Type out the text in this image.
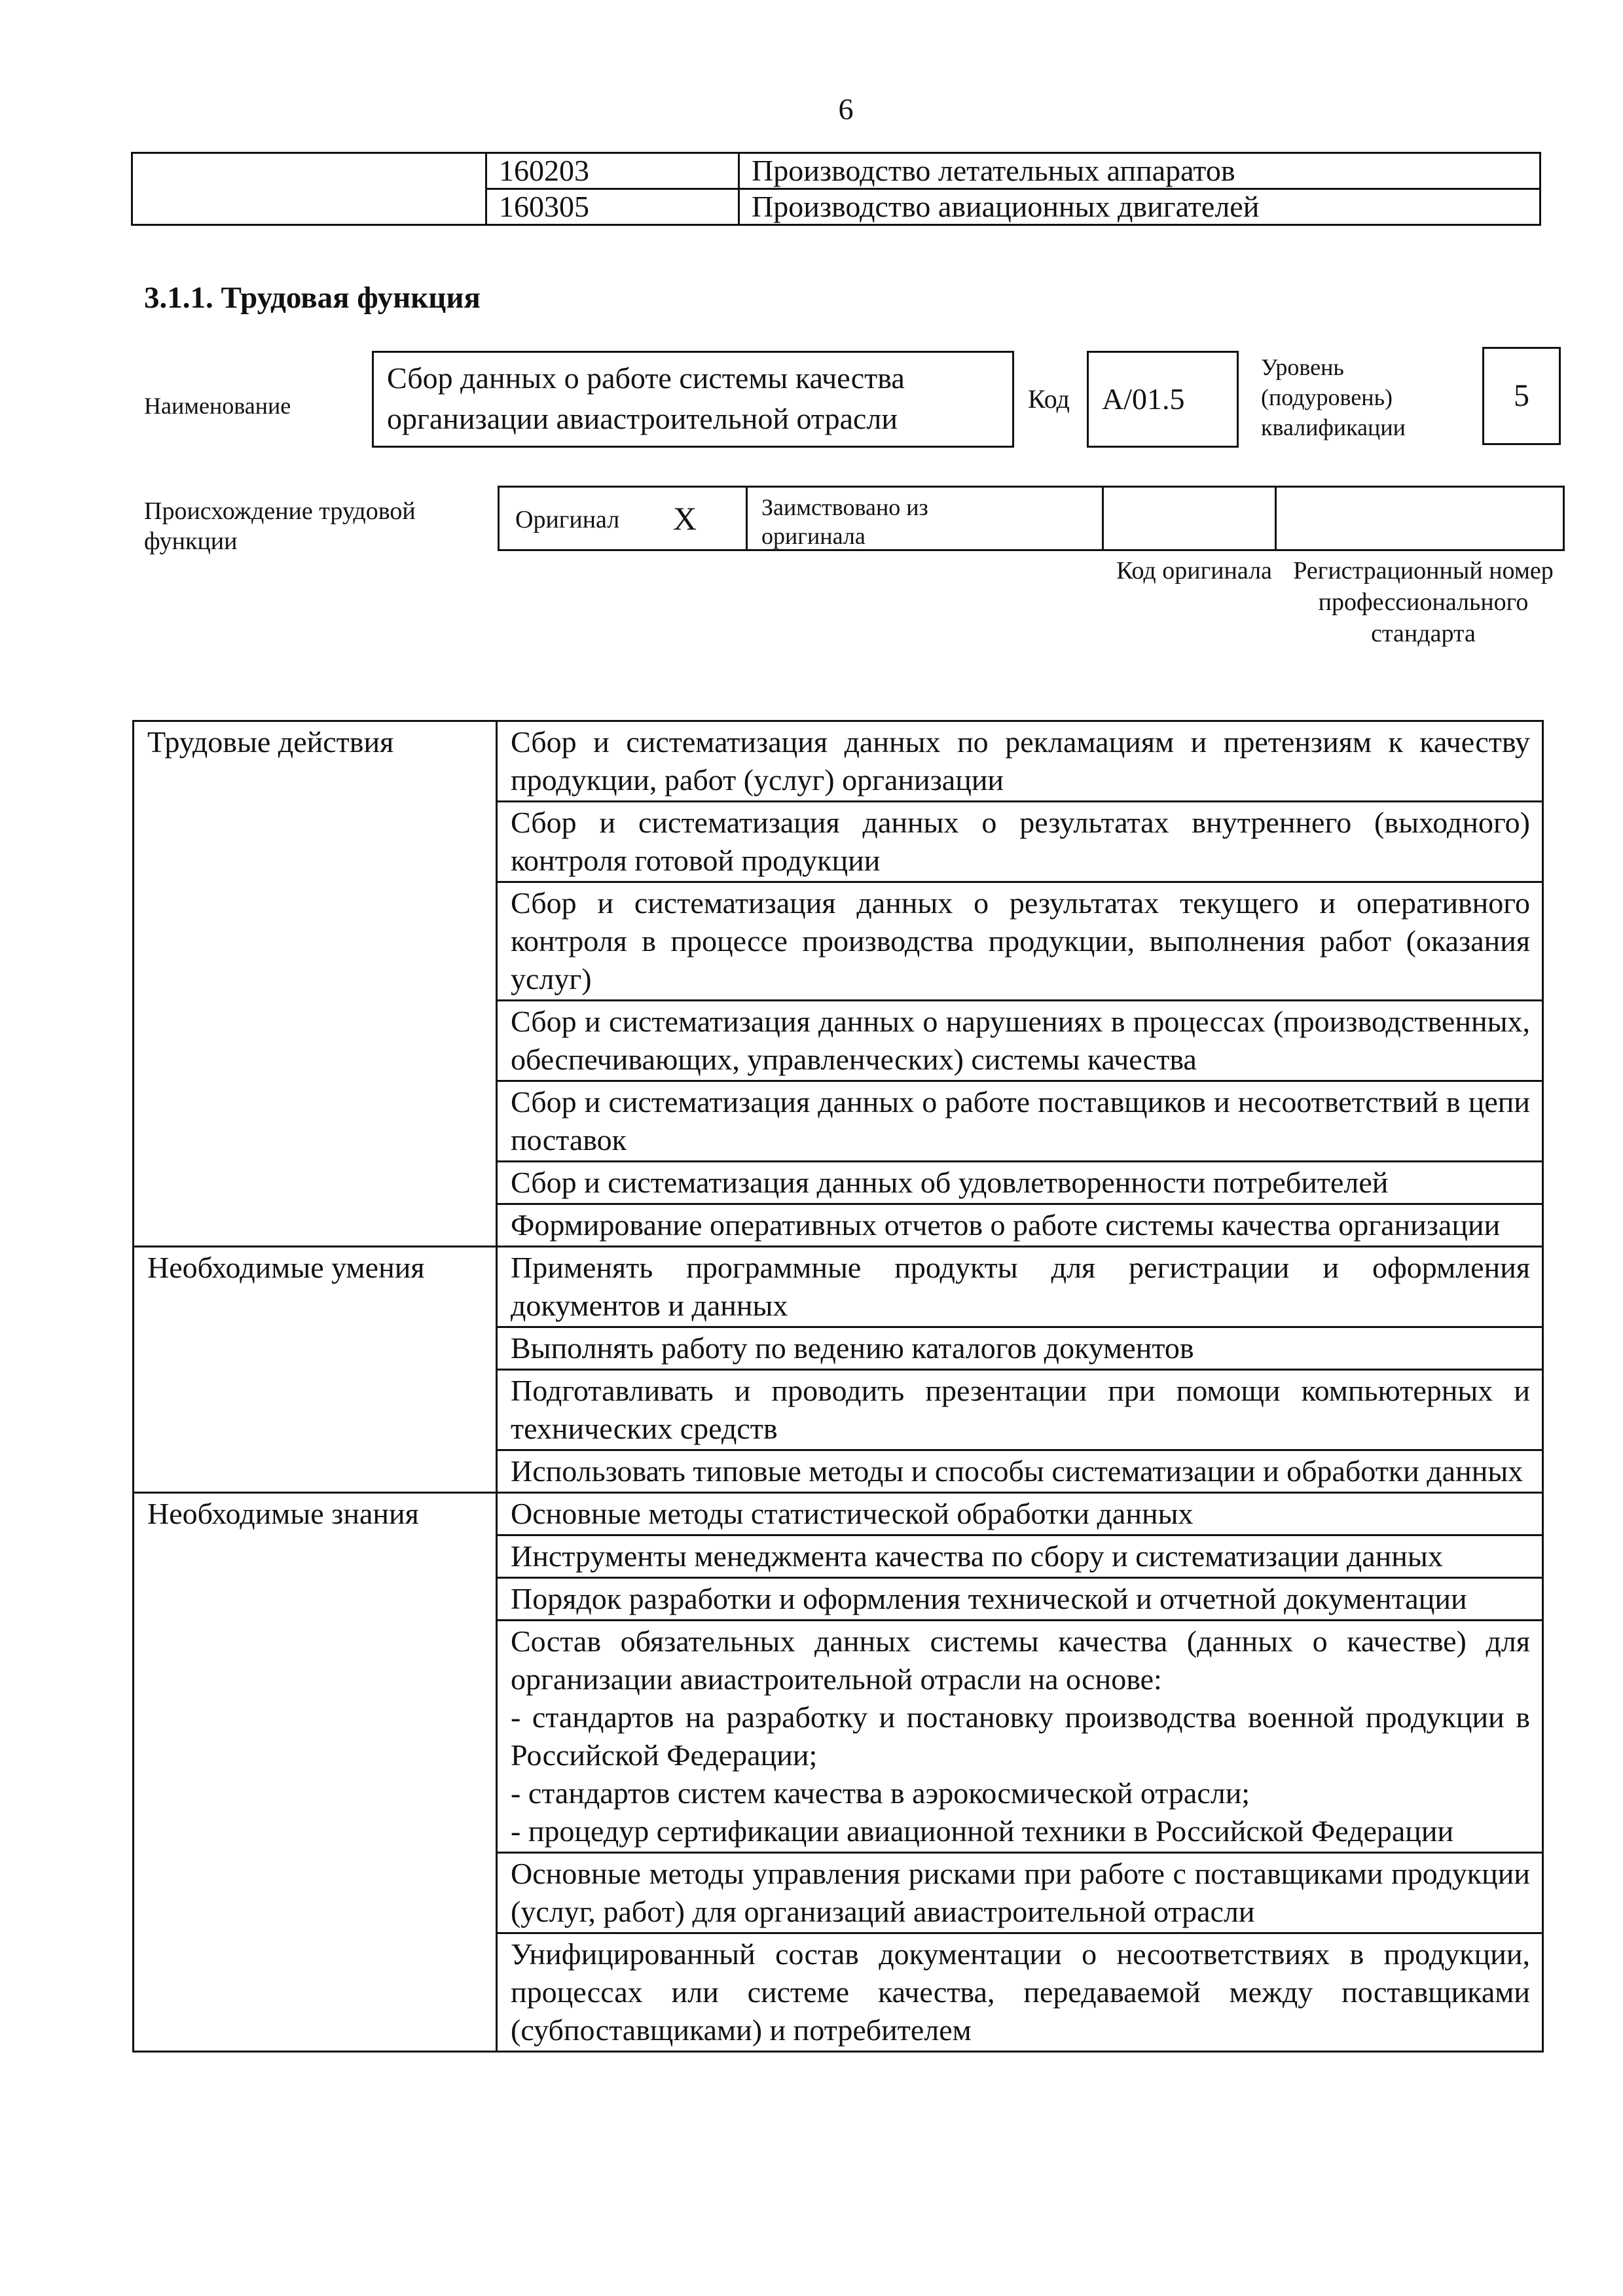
6
	160203	Производство летательных аппаратов
	160305	Производство авиационных двигателей
3.1.1. Трудовая функция
Наименование
Сбор данных о работе системы качества организации авиастроительной отрасли
Код	A/01.5
Уровень (подуровень) квалификации
5
Происхождение трудовой функции
Оригинал X	Заимствовано из оригинала
Код оригинала Регистрационный номер профессионального стандарта
Трудовые действия	Сбор и систематизация данных по рекламациям и претензиям к качеству продукции, работ (услуг) организации
	Сбор и систематизация данных о результатах внутреннего (выходного) контроля готовой продукции
	Сбор и систематизация данных о результатах текущего и оперативного контроля в процессе производства продукции, выполнения работ (оказания услуг)
	Сбор и систематизация данных о нарушениях в процессах (производственных, обеспечивающих, управленческих) системы качества
	Сбор и систематизация данных о работе поставщиков и несоответствий в цепи поставок
	Сбор и систематизация данных об удовлетворенности потребителей
	Формирование оперативных отчетов о работе системы качества организации
Необходимые умения	Применять программные продукты для регистрации и оформления документов и данных
	Выполнять работу по ведению каталогов документов
	Подготавливать и проводить презентации при помощи компьютерных и технических средств
	Использовать типовые методы и способы систематизации и обработки данных
Необходимые знания	Основные методы статистической обработки данных
	Инструменты менеджмента качества по сбору и систематизации данных
	Порядок разработки и оформления технической и отчетной документации
	Состав обязательных данных системы качества (данных о качестве) для организации авиастроительной отрасли на основе:
- стандартов на разработку и постановку производства военной продукции в Российской Федерации;
- стандартов систем качества в аэрокосмической отрасли;
- процедур сертификации авиационной техники в Российской Федерации
	Основные методы управления рисками при работе с поставщиками продукции (услуг, работ) для организаций авиастроительной отрасли
	Унифицированный состав документации о несоответствиях в продукции, процессах или системе качества, передаваемой между поставщиками (субпоставщиками) и потребителем
